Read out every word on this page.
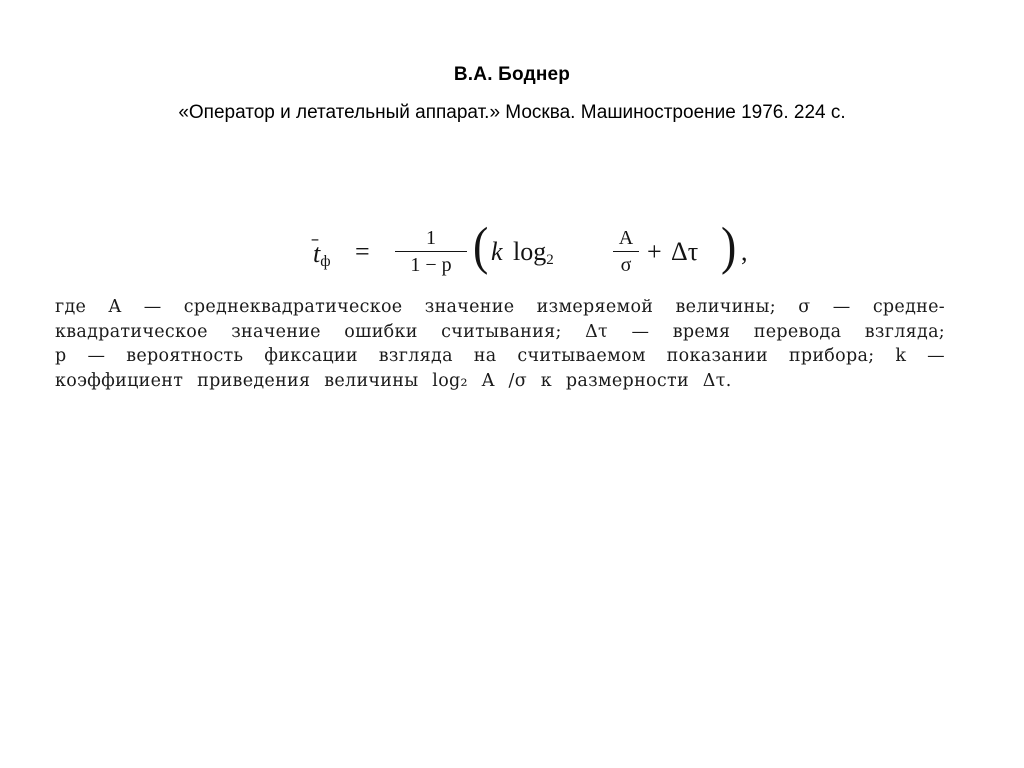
В.А. Боднер
«Оператор и летательный аппарат.» Москва. Машиностроение 1976. 224 с.
$t_ф$ =	1
1 − p ( k $\log_2$
A
σ + Δτ ) ,
где A — среднеквадратическое значение измеряемой величины; σ — средне-
квадратическое значение ошибки считывания; Δτ — время перевода взгляда;
p — вероятность фиксации взгляда на считываемом показании прибора; k —
коэффициент приведения величины log₂ A /σ к размерности Δτ.
